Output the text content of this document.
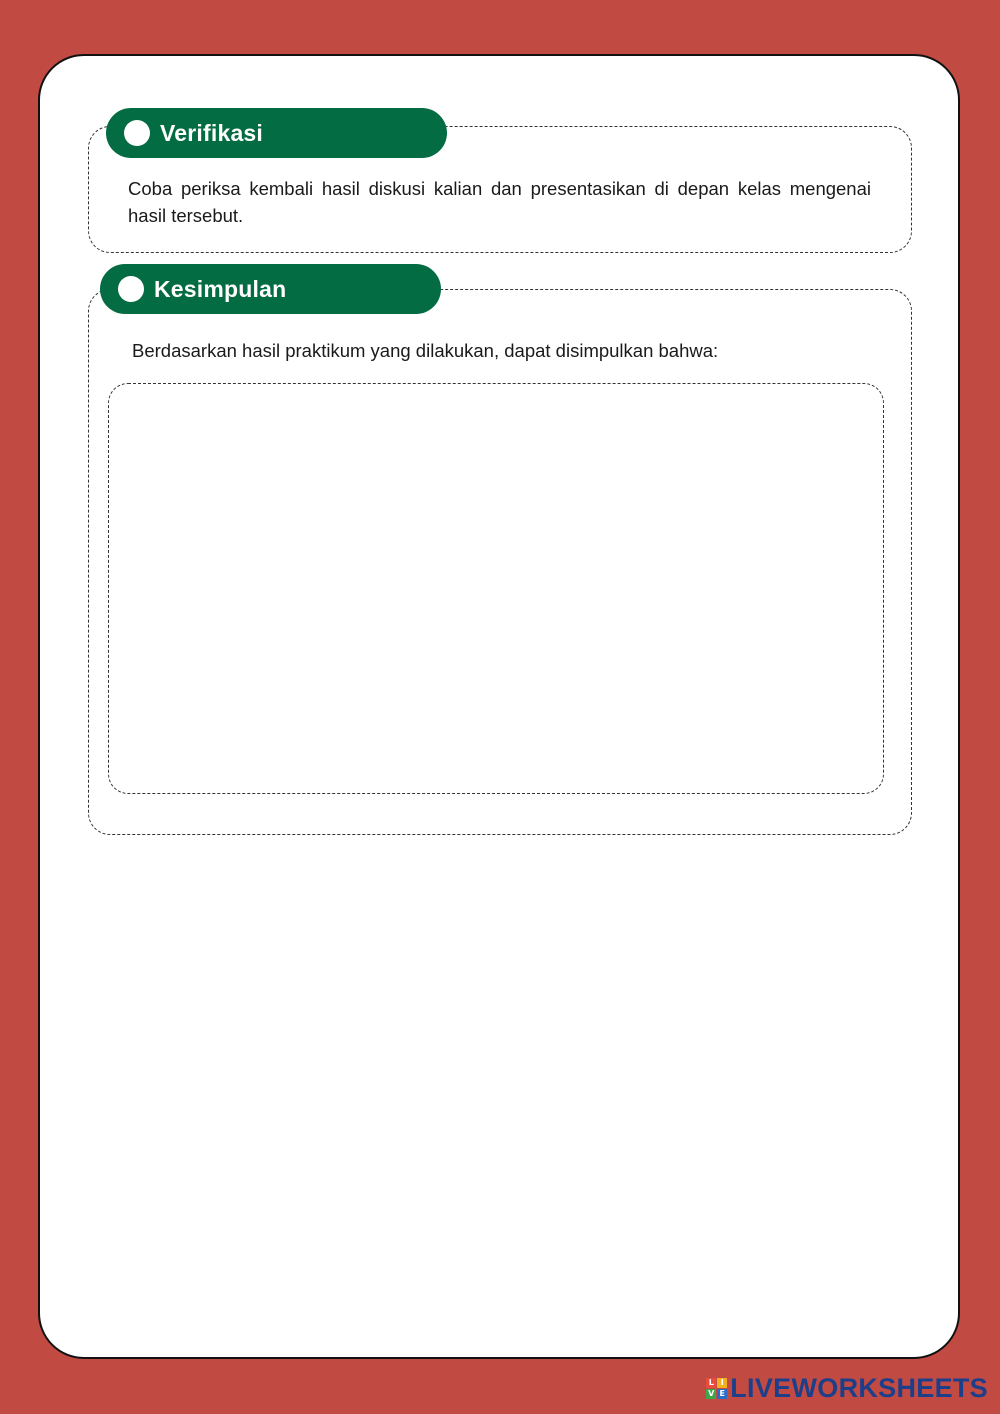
Verifikasi
Coba periksa kembali hasil diskusi kalian dan presentasikan di depan kelas mengenai hasil tersebut.
Kesimpulan
Berdasarkan hasil praktikum yang dilakukan, dapat disimpulkan bahwa:
L I
V E LIVEWORKSHEETS
